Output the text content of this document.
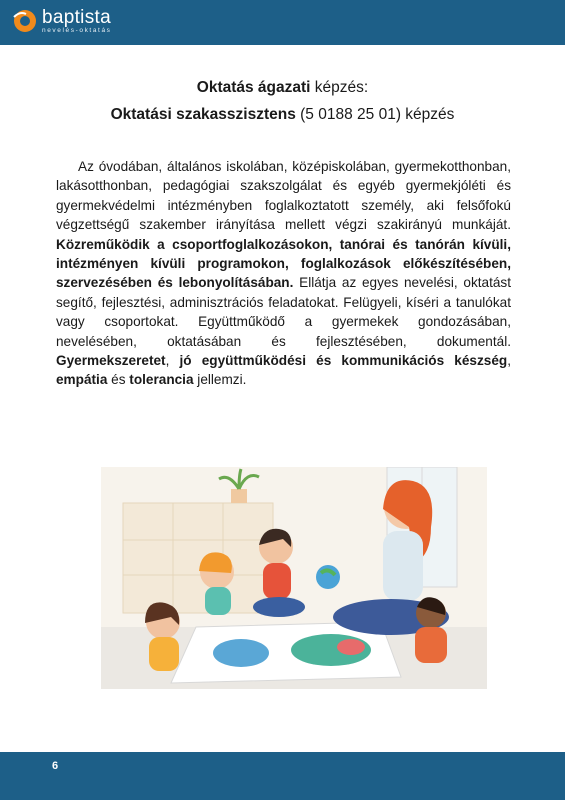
baptista
nevelés-oktatás
Oktatás ágazati képzés:
Oktatási szakasszisztens (5 0188 25 01) képzés

Az óvodában, általános iskolában, középiskolában, gyermekotthonban, lakásotthonban, pedagógiai szakszolgálat és egyéb gyermekjóléti és gyermekvédelmi intézményben foglalkoztatott személy, aki felsőfokú végzettségű szakember irányítása mellett végzi szakirányú munkáját. Közreműködik a csoportfoglalkozásokon, tanórai és tanórán kívüli, intézményen kívüli programokon, foglalkozások előkészítésében, szervezésében és lebonyolításában. Ellátja az egyes nevelési, oktatást segítő, fejlesztési, adminisztrációs feladatokat. Felügyeli, kíséri a tanulókat vagy csoportokat. Együttműködő a gyermekek gondozásában, nevelésében, oktatásában és fejlesztésében, dokumentál. Gyermekszeretet, jó együttműködési és kommunikációs készség, empátia és tolerancia jellemzi.

6
